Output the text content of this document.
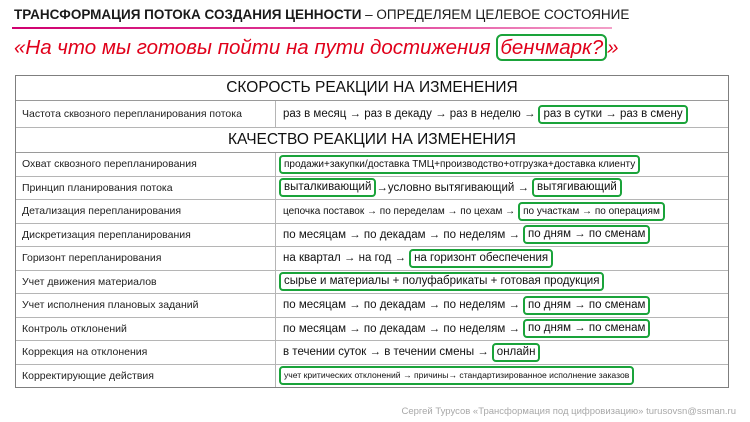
ТРАНСФОРМАЦИЯ ПОТОКА СОЗДАНИЯ ЦЕННОСТИ – ОПРЕДЕЛЯЕМ ЦЕЛЕВОЕ СОСТОЯНИЕ
«На что мы готовы пойти на пути достижения бенчмарк? »
СКОРОСТЬ РЕАКЦИИ НА ИЗМЕНЕНИЯ
Частота сквозного перепланирования потока	раз в месяц → раз в декаду → раз в неделю → раз в сутки → раз в смену
КАЧЕСТВО РЕАКЦИИ НА ИЗМЕНЕНИЯ
Охват сквозного перепланирования	продажи+закупки/доставка ТМЦ+производство+отгрузка+доставка клиенту
Принцип планирования потока	выталкивающий →условно вытягивающий → вытягивающий
Детализация перепланирования	цепочка поставок → по переделам → по цехам → по участкам → по операциям
Дискретизация перепланирования	по месяцам → по декадам → по неделям → по дням → по сменам
Горизонт перепланирования	на квартал → на год → на горизонт обеспечения
Учет движения материалов	сырье и материалы + полуфабрикаты + готовая продукция
Учет исполнения плановых заданий	по месяцам → по декадам → по неделям → по дням → по сменам
Контроль отклонений	по месяцам → по декадам → по неделям → по дням → по сменам
Коррекция на отклонения	в течении суток → в течении смены → онлайн
Корректирующие действия	учет критических отклонений → причины→ стандартизированное исполнение заказов
Сергей Турусов «Трансформация под цифровизацию» turusovsn@ssman.ru
